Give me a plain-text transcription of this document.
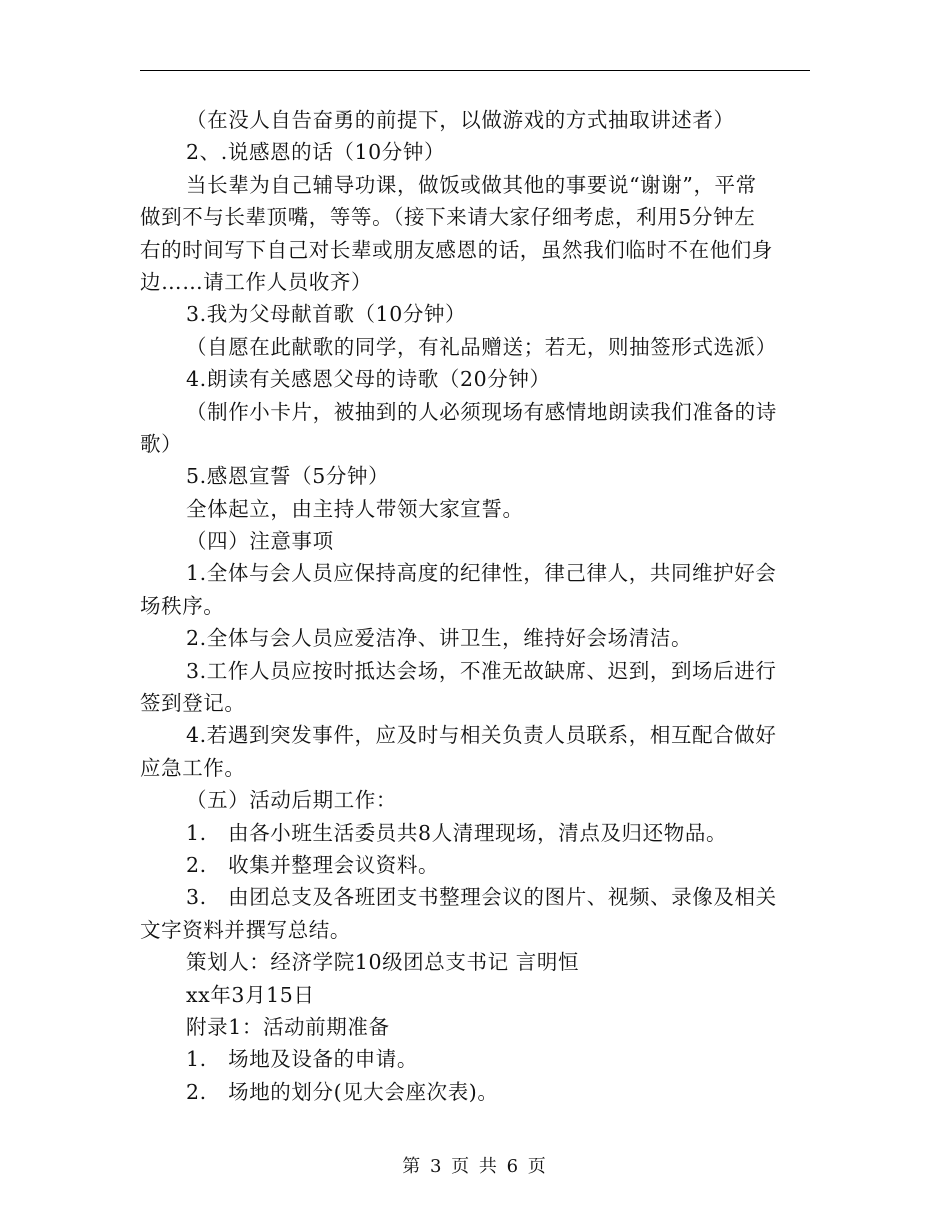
（在没人自告奋勇的前提下，以做游戏的方式抽取讲述者）
2、.说感恩的话（10分钟）
当长辈为自己辅导功课，做饭或做其他的事要说“谢谢”，平常
做到不与长辈顶嘴，等等。（接下来请大家仔细考虑，利用5分钟左
右的时间写下自己对长辈或朋友感恩的话，虽然我们临时不在他们身
边……请工作人员收齐）
3.我为父母献首歌（10分钟）
（自愿在此献歌的同学，有礼品赠送；若无，则抽签形式选派）
4.朗读有关感恩父母的诗歌（20分钟）
（制作小卡片，被抽到的人必须现场有感情地朗读我们准备的诗
歌）
5.感恩宣誓（5分钟）
全体起立，由主持人带领大家宣誓。
（四）注意事项
1.全体与会人员应保持高度的纪律性，律己律人，共同维护好会
场秩序。
2.全体与会人员应爱洁净、讲卫生，维持好会场清洁。
3.工作人员应按时抵达会场，不准无故缺席、迟到，到场后进行
签到登记。
4.若遇到突发事件，应及时与相关负责人员联系，相互配合做好
应急工作。
（五）活动后期工作：
1.   由各小班生活委员共8人清理现场，清点及归还物品。
2.   收集并整理会议资料。
3.   由团总支及各班团支书整理会议的图片、视频、录像及相关
文字资料并撰写总结。
策划人：经济学院10级团总支书记 言明恒
xx年3月15日
附录1：活动前期准备
1.   场地及设备的申请。
2.   场地的划分(见大会座次表)。
第 3 页 共 6 页
